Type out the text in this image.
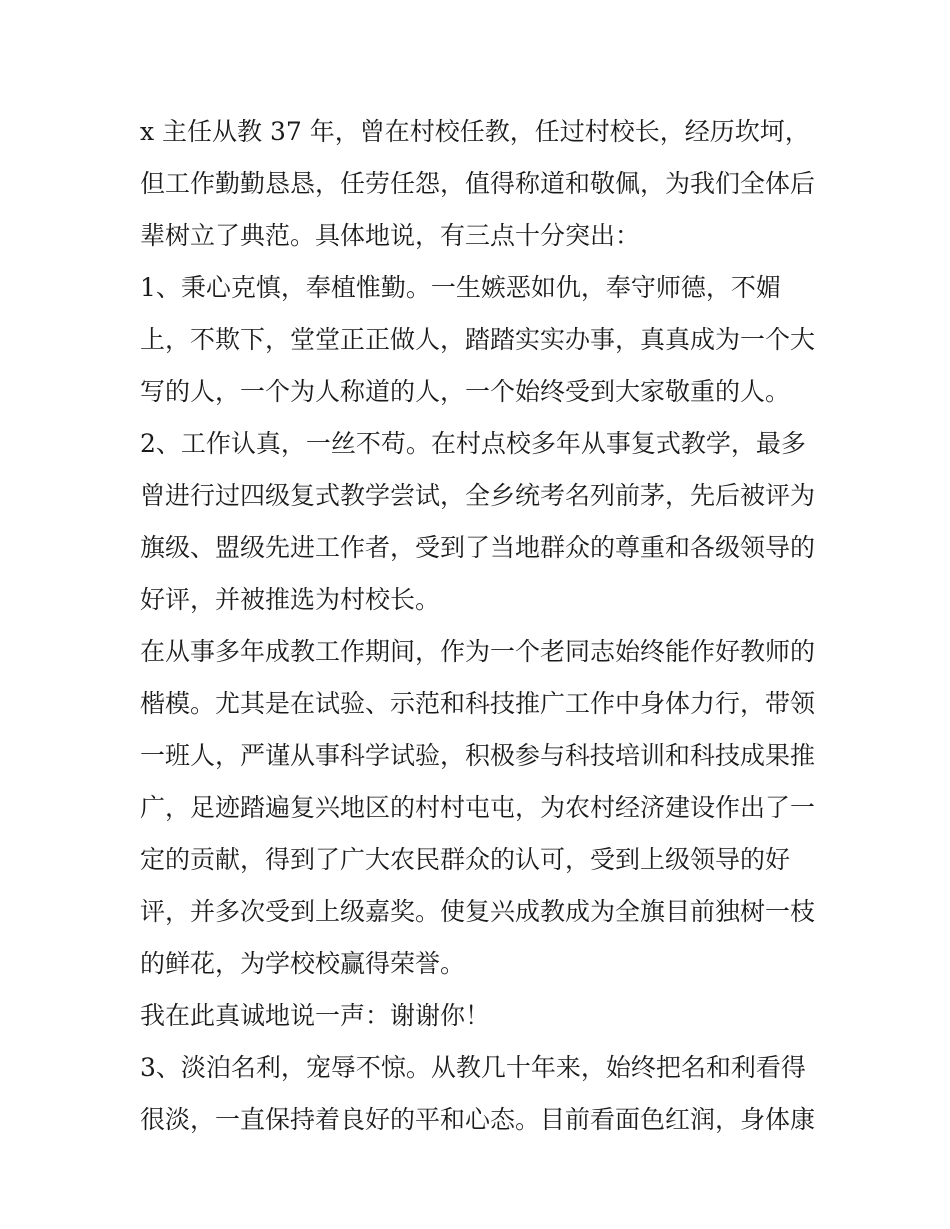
x 主任从教 37 年，曾在村校任教，任过村校长，经历坎坷，
但工作勤勤恳恳，任劳任怨，值得称道和敬佩，为我们全体后
辈树立了典范。具体地说，有三点十分突出：
1、秉心克慎，奉植惟勤。一生嫉恶如仇，奉守师德，不媚
上，不欺下，堂堂正正做人，踏踏实实办事，真真成为一个大
写的人，一个为人称道的人，一个始终受到大家敬重的人。
2、工作认真，一丝不苟。在村点校多年从事复式教学，最多
曾进行过四级复式教学尝试，全乡统考名列前茅，先后被评为
旗级、盟级先进工作者，受到了当地群众的尊重和各级领导的
好评，并被推选为村校长。
在从事多年成教工作期间，作为一个老同志始终能作好教师的
楷模。尤其是在试验、示范和科技推广工作中身体力行，带领
一班人，严谨从事科学试验，积极参与科技培训和科技成果推
广，足迹踏遍复兴地区的村村屯屯，为农村经济建设作出了一
定的贡献，得到了广大农民群众的认可，受到上级领导的好
评，并多次受到上级嘉奖。使复兴成教成为全旗目前独树一枝
的鲜花，为学校校赢得荣誉。
我在此真诚地说一声：谢谢你！
3、淡泊名利，宠辱不惊。从教几十年来，始终把名和利看得
很淡，一直保持着良好的平和心态。目前看面色红润，身体康
